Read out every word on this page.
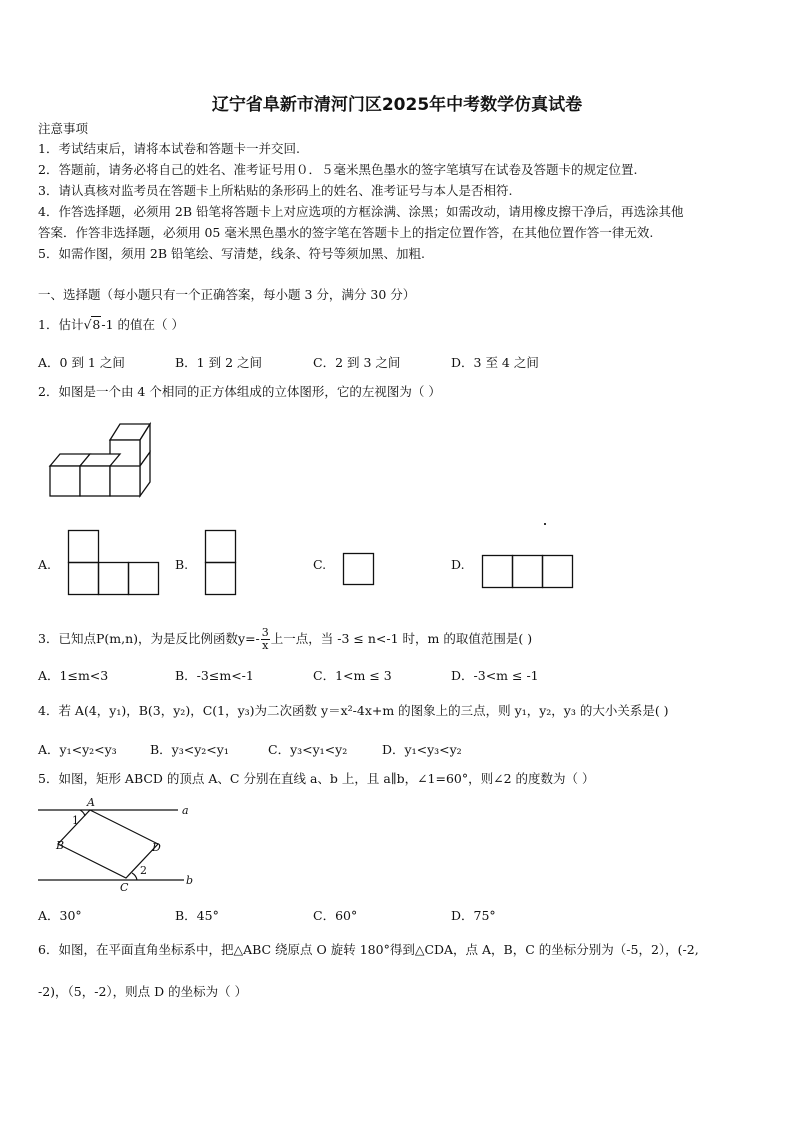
辽宁省阜新市清河门区2025年中考数学仿真试卷
注意事项
1．考试结束后，请将本试卷和答题卡一并交回.
2．答题前，请务必将自己的姓名、准考证号用０．５毫米黑色墨水的签字笔填写在试卷及答题卡的规定位置.
3．请认真核对监考员在答题卡上所粘贴的条形码上的姓名、准考证号与本人是否相符.
4．作答选择题，必须用 2B 铅笔将答题卡上对应选项的方框涂满、涂黑；如需改动，请用橡皮擦干净后，再选涂其他
答案．作答非选择题，必须用 05 毫米黑色墨水的签字笔在答题卡上的指定位置作答，在其他位置作答一律无效.
5．如需作图，须用 2B 铅笔绘、写清楚，线条、符号等须加黑、加粗.
一、选择题（每小题只有一个正确答案，每小题 3 分，满分 30 分）
1．估计√8-1 的值在（ ）
A．0 到 1 之间	B．1 到 2 之间	C．2 到 3 之间	D．3 至 4 之间
2．如图是一个由 4 个相同的正方体组成的立体图形，它的左视图为（ ）
A.	B.	C.	D.
3．已知点P(m,n)，为是反比例函数$y=- \frac{3}{x}$ 上一点，当 -3 ≤ n<-1 时，m 的取值范围是( )
A．1≤m<3	B．-3≤m<-1	C．1<m ≤ 3	D．-3<m ≤ -1
4．若 A(4，y₁)，B(3，y₂)，C(1，y₃)为二次函数 y＝x²-4x+m 的图象上的三点，则 y₁，y₂，y₃ 的大小关系是( )
A．y₁<y₂<y₃	B．y₃<y₂<y₁	C．y₃<y₁<y₂	D．y₁<y₃<y₂
5．如图，矩形 ABCD 的顶点 A、C 分别在直线 a、b 上，且 a∥b，∠1=60°，则∠2 的度数为（ ）
A
B	D
C
a
b
1
2
A．30°	B．45°	C．60°	D．75°
6．如图，在平面直角坐标系中，把△ABC 绕原点 O 旋转 180°得到△CDA，点 A，B，C 的坐标分别为（-5，2），(-2,
-2)，（5，-2），则点 D 的坐标为（ ）
